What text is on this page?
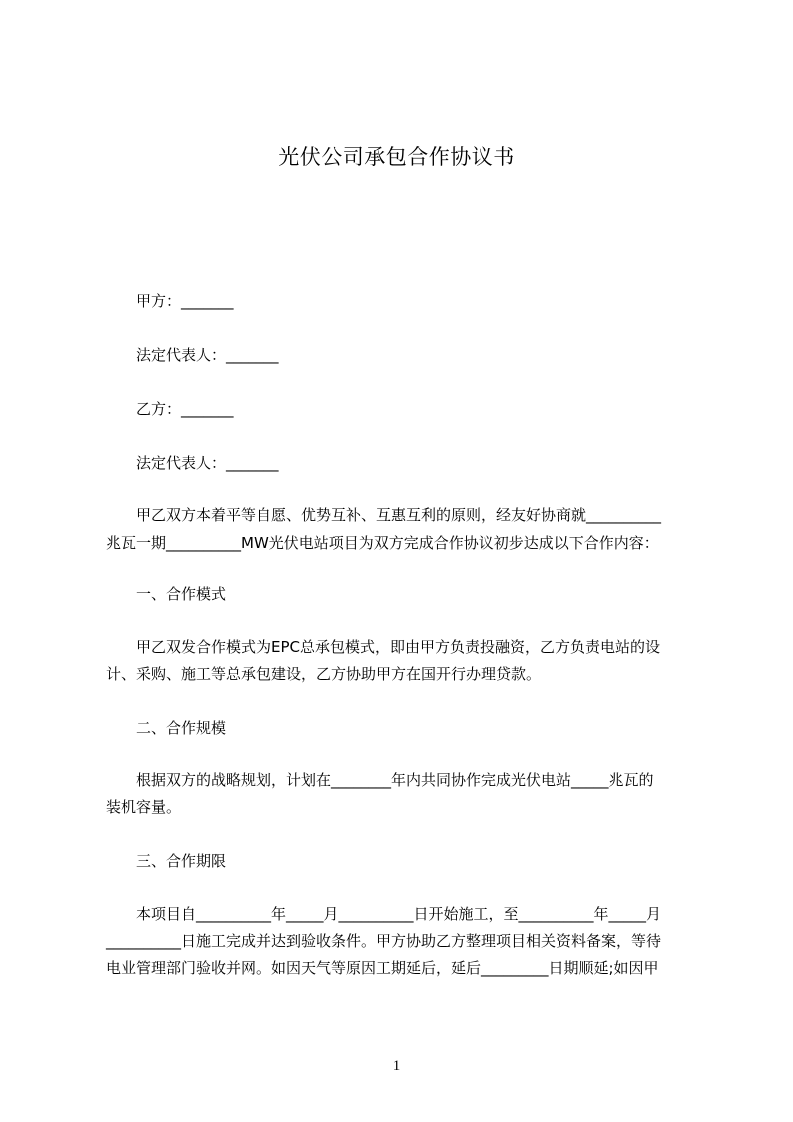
光伏公司承包合作协议书
甲方：_______
法定代表人：_______
乙方：_______
法定代表人：_______
　　甲乙双方本着平等自愿、优势互补、互惠互利的原则，经友好协商就__________
兆瓦一期__________MW光伏电站项目为双方完成合作协议初步达成以下合作内容：
一、合作模式
　　甲乙双发合作模式为EPC总承包模式，即由甲方负责投融资，乙方负责电站的设
计、采购、施工等总承包建设，乙方协助甲方在国开行办理贷款。
二、合作规模
　　根据双方的战略规划，计划在________年内共同协作完成光伏电站_____兆瓦的
装机容量。
三、合作期限
　　本项目自__________年_____月__________日开始施工，至__________年_____月
__________日施工完成并达到验收条件。甲方协助乙方整理项目相关资料备案，等待
电业管理部门验收并网。如因天气等原因工期延后，延后_________日期顺延;如因甲
1
